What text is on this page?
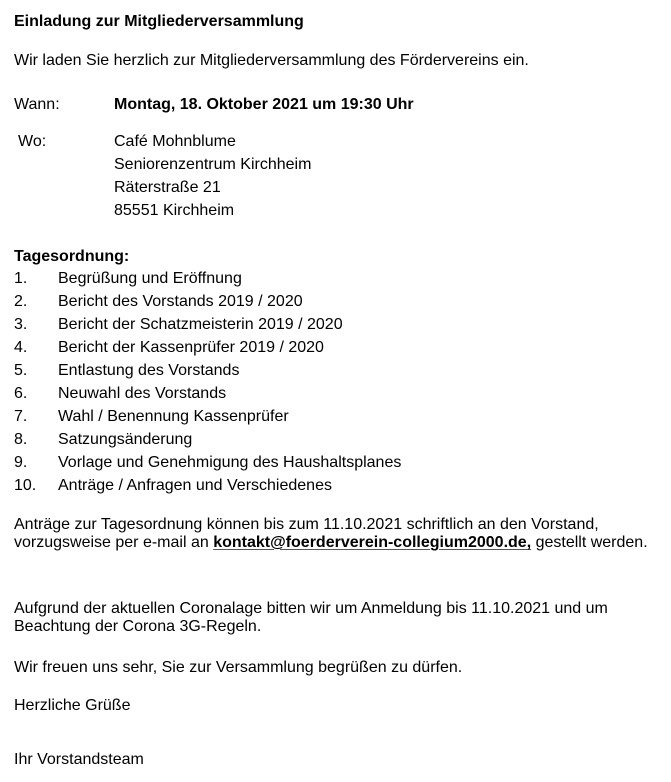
Einladung zur Mitgliederversammlung
Wir laden Sie herzlich zur Mitgliederversammlung des Fördervereins ein.
Wann:	Montag, 18. Oktober 2021 um 19:30 Uhr
Wo:	Café Mohnblume
Seniorenzentrum Kirchheim
Räterstraße 21
85551 Kirchheim
Tagesordnung:
1. Begrüßung und Eröffnung
2. Bericht des Vorstands 2019 / 2020
3. Bericht der Schatzmeisterin 2019 / 2020
4. Bericht der Kassenprüfer 2019 / 2020
5. Entlastung des Vorstands
6. Neuwahl des Vorstands
7. Wahl / Benennung Kassenprüfer
8. Satzungsänderung
9. Vorlage und Genehmigung des Haushaltsplanes
10. Anträge / Anfragen und Verschiedenes
Anträge zur Tagesordnung können bis zum 11.10.2021 schriftlich an den Vorstand, vorzugsweise per e-mail an kontakt@foerderverein-collegium2000.de, gestellt werden.
Aufgrund der aktuellen Coronalage bitten wir um Anmeldung bis 11.10.2021 und um Beachtung der Corona 3G-Regeln.
Wir freuen uns sehr, Sie zur Versammlung begrüßen zu dürfen.
Herzliche Grüße
Ihr Vorstandsteam
